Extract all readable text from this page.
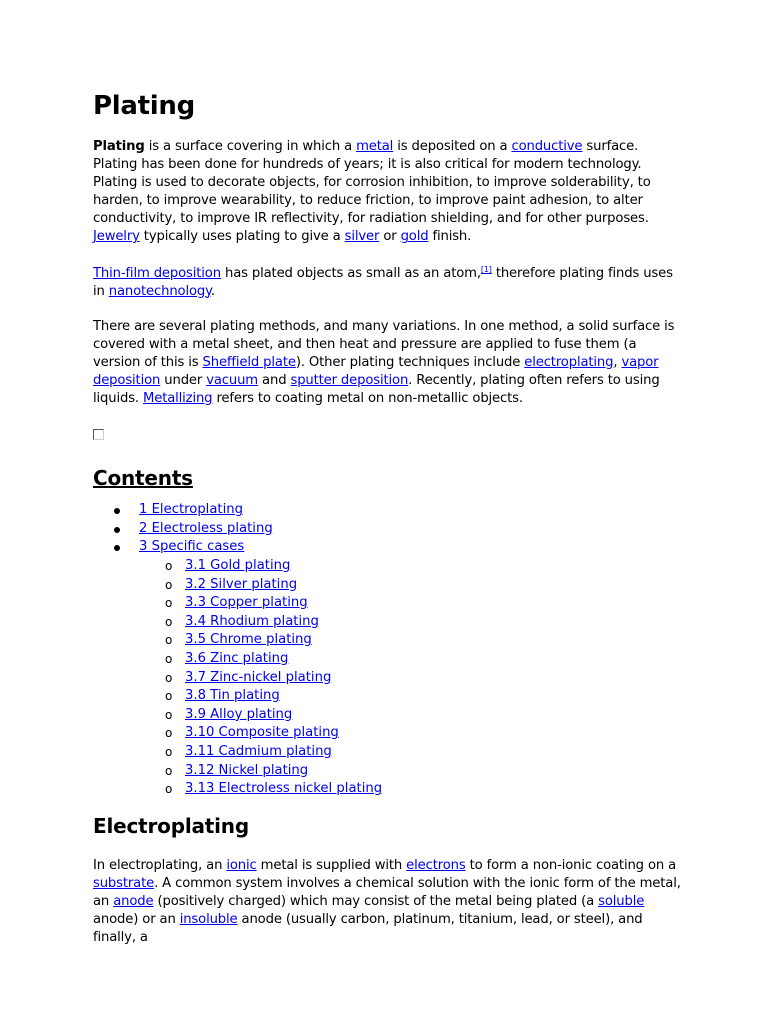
Plating

Plating is a surface covering in which a metal is deposited on a conductive surface. Plating has been done for hundreds of years; it is also critical for modern technology. Plating is used to decorate objects, for corrosion inhibition, to improve solderability, to harden, to improve wearability, to reduce friction, to improve paint adhesion, to alter conductivity, to improve IR reflectivity, for radiation shielding, and for other purposes. Jewelry typically uses plating to give a silver or gold finish.

Thin-film deposition has plated objects as small as an atom,[1] therefore plating finds uses in nanotechnology.

There are several plating methods, and many variations. In one method, a solid surface is covered with a metal sheet, and then heat and pressure are applied to fuse them (a version of this is Sheffield plate). Other plating techniques include electroplating, vapor deposition under vacuum and sputter deposition. Recently, plating often refers to using liquids. Metallizing refers to coating metal on non-metallic objects.

Contents
1 Electroplating
2 Electroless plating
3 Specific cases
o 3.1 Gold plating
o 3.2 Silver plating
o 3.3 Copper plating
o 3.4 Rhodium plating
o 3.5 Chrome plating
o 3.6 Zinc plating
o 3.7 Zinc-nickel plating
o 3.8 Tin plating
o 3.9 Alloy plating
o 3.10 Composite plating
o 3.11 Cadmium plating
o 3.12 Nickel plating
o 3.13 Electroless nickel plating
Electroplating

In electroplating, an ionic metal is supplied with electrons to form a non-ionic coating on a substrate. A common system involves a chemical solution with the ionic form of the metal, an anode (positively charged) which may consist of the metal being plated (a soluble anode) or an insoluble anode (usually carbon, platinum, titanium, lead, or steel), and finally, a
